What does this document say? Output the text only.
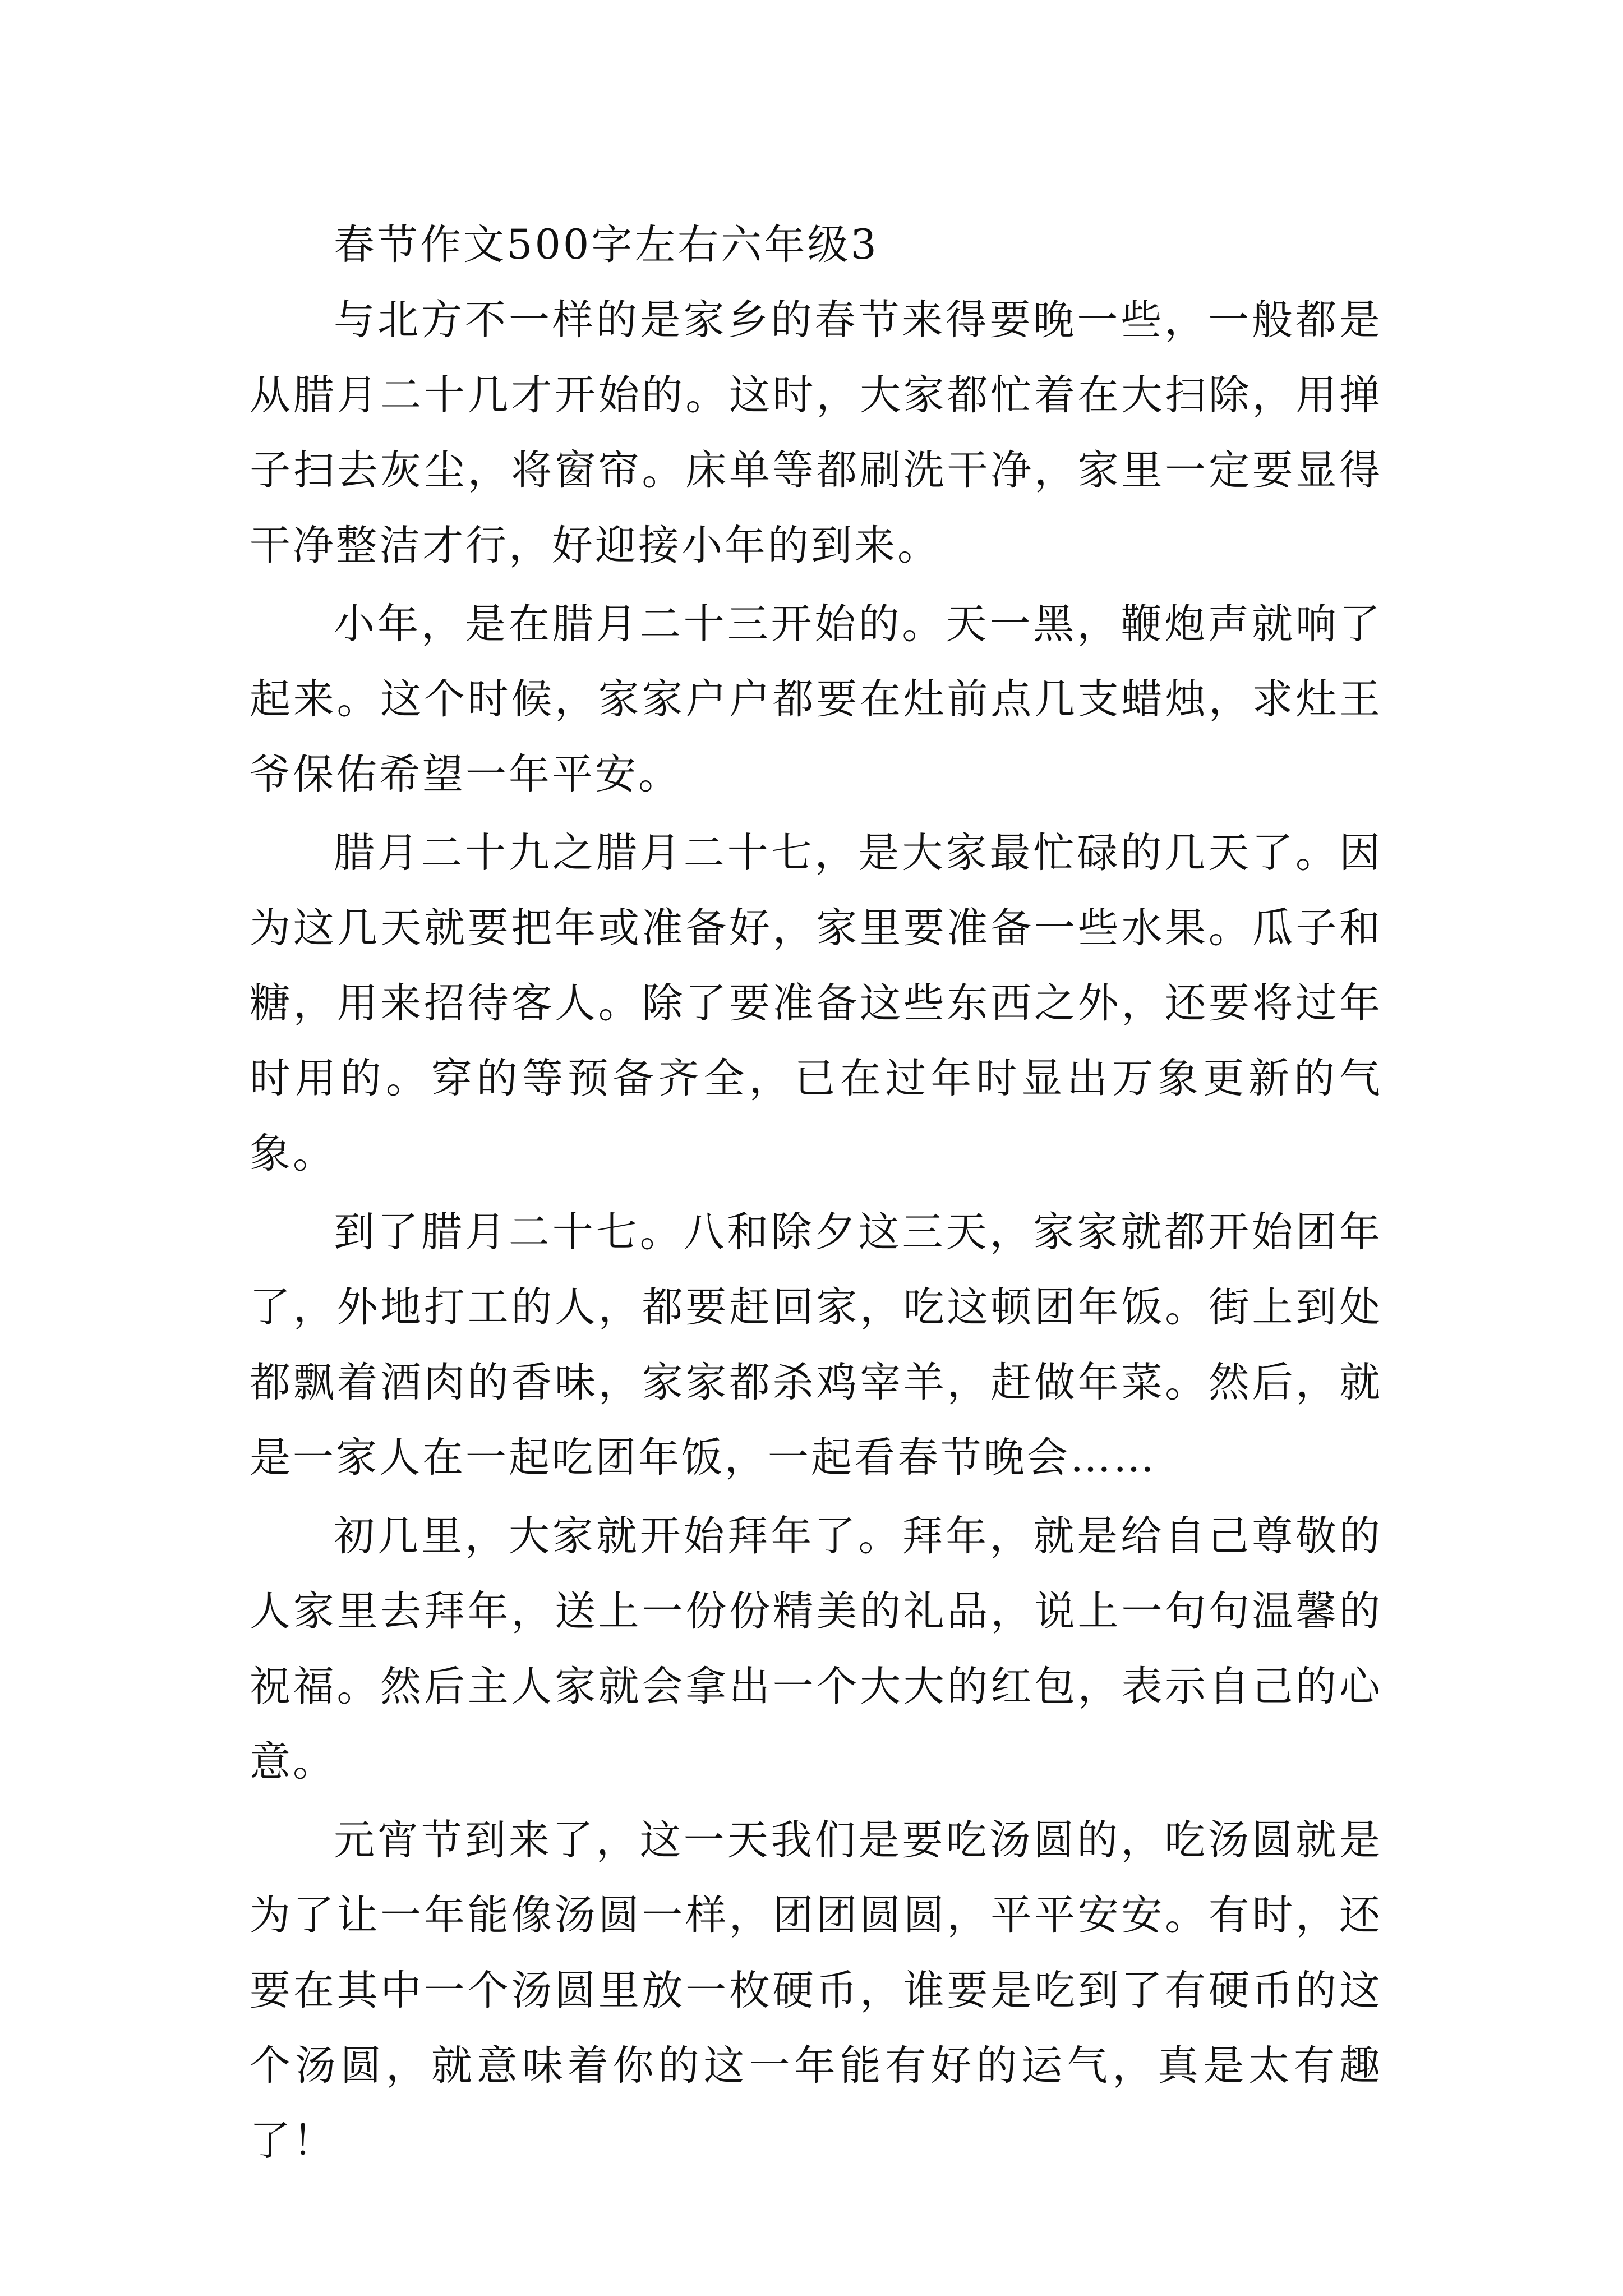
春节作文500字左右六年级3

与北方不一样的是家乡的春节来得要晚一些，一般都是从腊月二十几才开始的。这时，大家都忙着在大扫除，用掸子扫去灰尘，将窗帘。床单等都刷洗干净，家里一定要显得干净整洁才行，好迎接小年的到来。

小年，是在腊月二十三开始的。天一黑，鞭炮声就响了起来。这个时候，家家户户都要在灶前点几支蜡烛，求灶王爷保佑希望一年平安。

腊月二十九之腊月二十七，是大家最忙碌的几天了。因为这几天就要把年或准备好，家里要准备一些水果。瓜子和糖，用来招待客人。除了要准备这些东西之外，还要将过年时用的。穿的等预备齐全，已在过年时显出万象更新的气象。

到了腊月二十七。八和除夕这三天，家家就都开始团年了，外地打工的人，都要赶回家，吃这顿团年饭。街上到处都飘着酒肉的香味，家家都杀鸡宰羊，赶做年菜。然后，就是一家人在一起吃团年饭，一起看春节晚会……

初几里，大家就开始拜年了。拜年，就是给自己尊敬的人家里去拜年，送上一份份精美的礼品，说上一句句温馨的祝福。然后主人家就会拿出一个大大的红包，表示自己的心意。

元宵节到来了，这一天我们是要吃汤圆的，吃汤圆就是为了让一年能像汤圆一样，团团圆圆，平平安安。有时，还要在其中一个汤圆里放一枚硬币，谁要是吃到了有硬币的这个汤圆，就意味着你的这一年能有好的运气，真是太有趣了！
